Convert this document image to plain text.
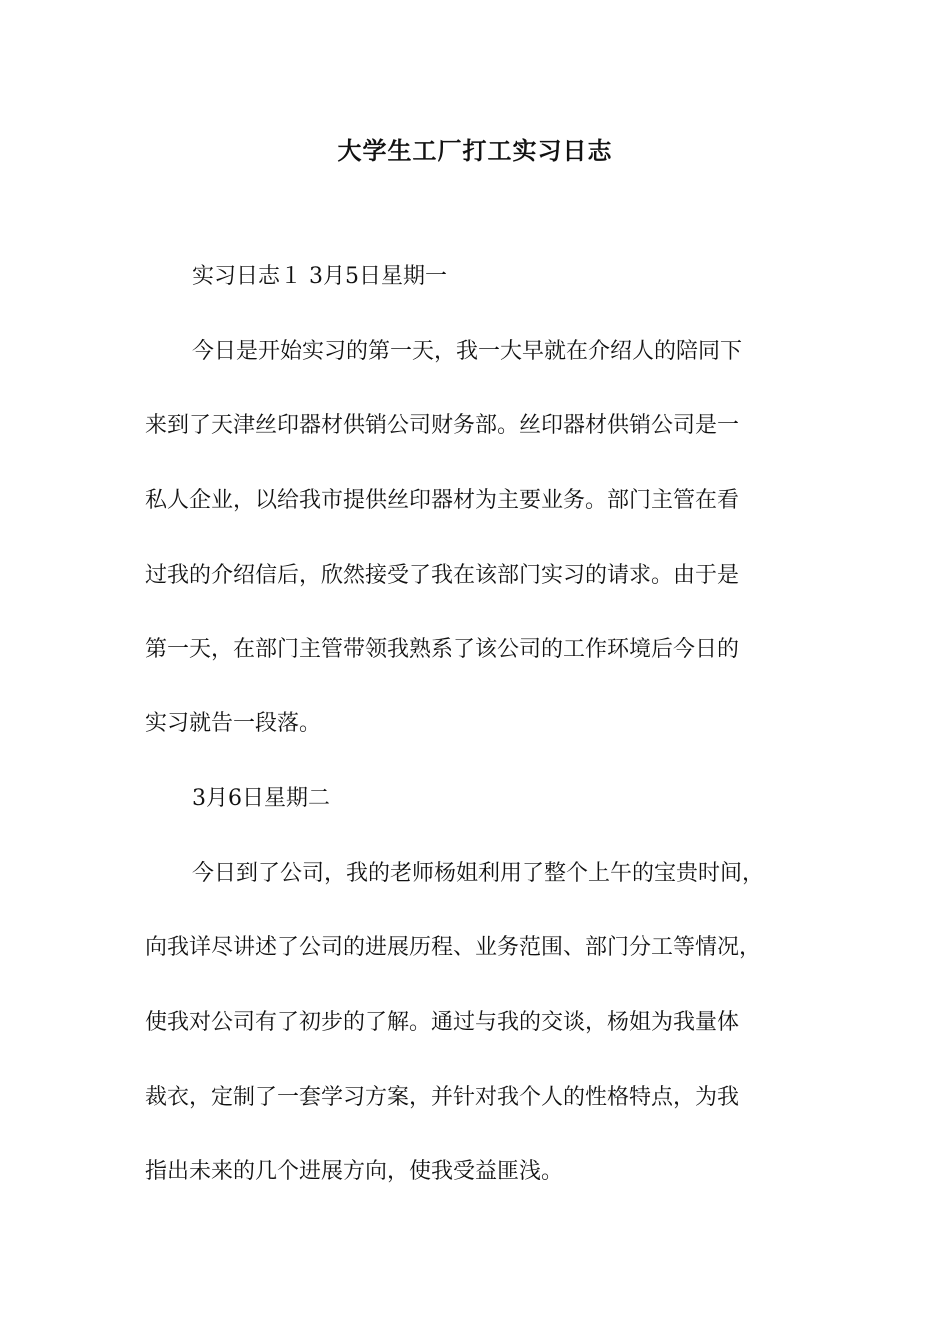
大学生工厂打工实习日志
实习日志１ 3月5日星期一
今日是开始实习的第一天，我一大早就在介绍人的陪同下
来到了天津丝印器材供销公司财务部。丝印器材供销公司是一
私人企业，以给我市提供丝印器材为主要业务。部门主管在看
过我的介绍信后，欣然接受了我在该部门实习的请求。由于是
第一天，在部门主管带领我熟系了该公司的工作环境后今日的
实习就告一段落。
3月6日星期二
今日到了公司，我的老师杨姐利用了整个上午的宝贵时间，
向我详尽讲述了公司的进展历程、业务范围、部门分工等情况，
使我对公司有了初步的了解。通过与我的交谈，杨姐为我量体
裁衣，定制了一套学习方案，并针对我个人的性格特点，为我
指出未来的几个进展方向，使我受益匪浅。
